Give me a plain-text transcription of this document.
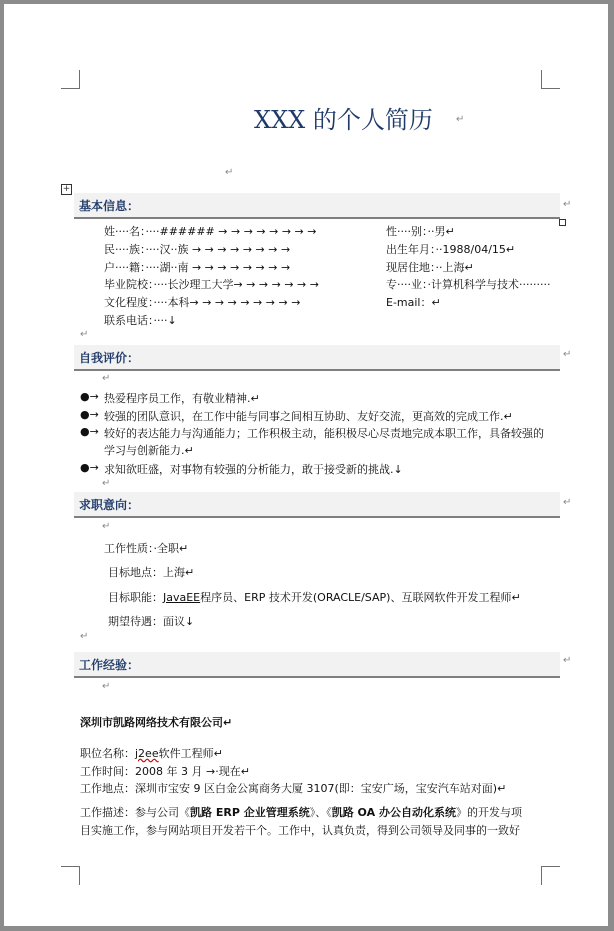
XXX 的个人简历 ↵
↵
+
基本信息：	↵
姓····名：····###### → → → → → → → →	性····别：··男↵
民····族：····汉··族 → → → → → → → →	出生年月：··1988/04/15↵
户····籍：····湖··南 → → → → → → → →	现居住地：··上海↵
毕业院校：····长沙理工大学→ → → → → → →	专····业：·计算机科学与技术·········
文化程度：····本科→ → → → → → → → →	E-mail：↵
联系电话：····↓
↵
自我评价：	↵
↵
●→ 热爱程序员工作，有敬业精神.↵
●→ 较强的团队意识，在工作中能与同事之间相互协助、友好交流，更高效的完成工作.↵
●→ 较好的表达能力与沟通能力；工作积极主动，能积极尽心尽责地完成本职工作，具备较强的
学习与创新能力.↵
●→ 求知欲旺盛，对事物有较强的分析能力，敢于接受新的挑战.↓
↵
求职意向：	↵
↵
工作性质：·全职↵
目标地点：上海↵
目标职能：JavaEE程序员、ERP 技术开发(ORACLE/SAP)、互联网软件开发工程师↵
期望待遇：面议↓
↵
工作经验：	↵
↵
深圳市凯路网络技术有限公司↵
职位名称：j2ee软件工程师↵
工作时间：2008 年 3 月 →·现在↵
工作地点：深圳市宝安 9 区白金公寓商务大厦 3107(即：宝安广场，宝安汽车站对面)↵
工作描述：参与公司《凯路 ERP 企业管理系统》、《凯路 OA 办公自动化系统》的开发与项
目实施工作，参与网站项目开发若干个。工作中，认真负责，得到公司领导及同事的一致好
